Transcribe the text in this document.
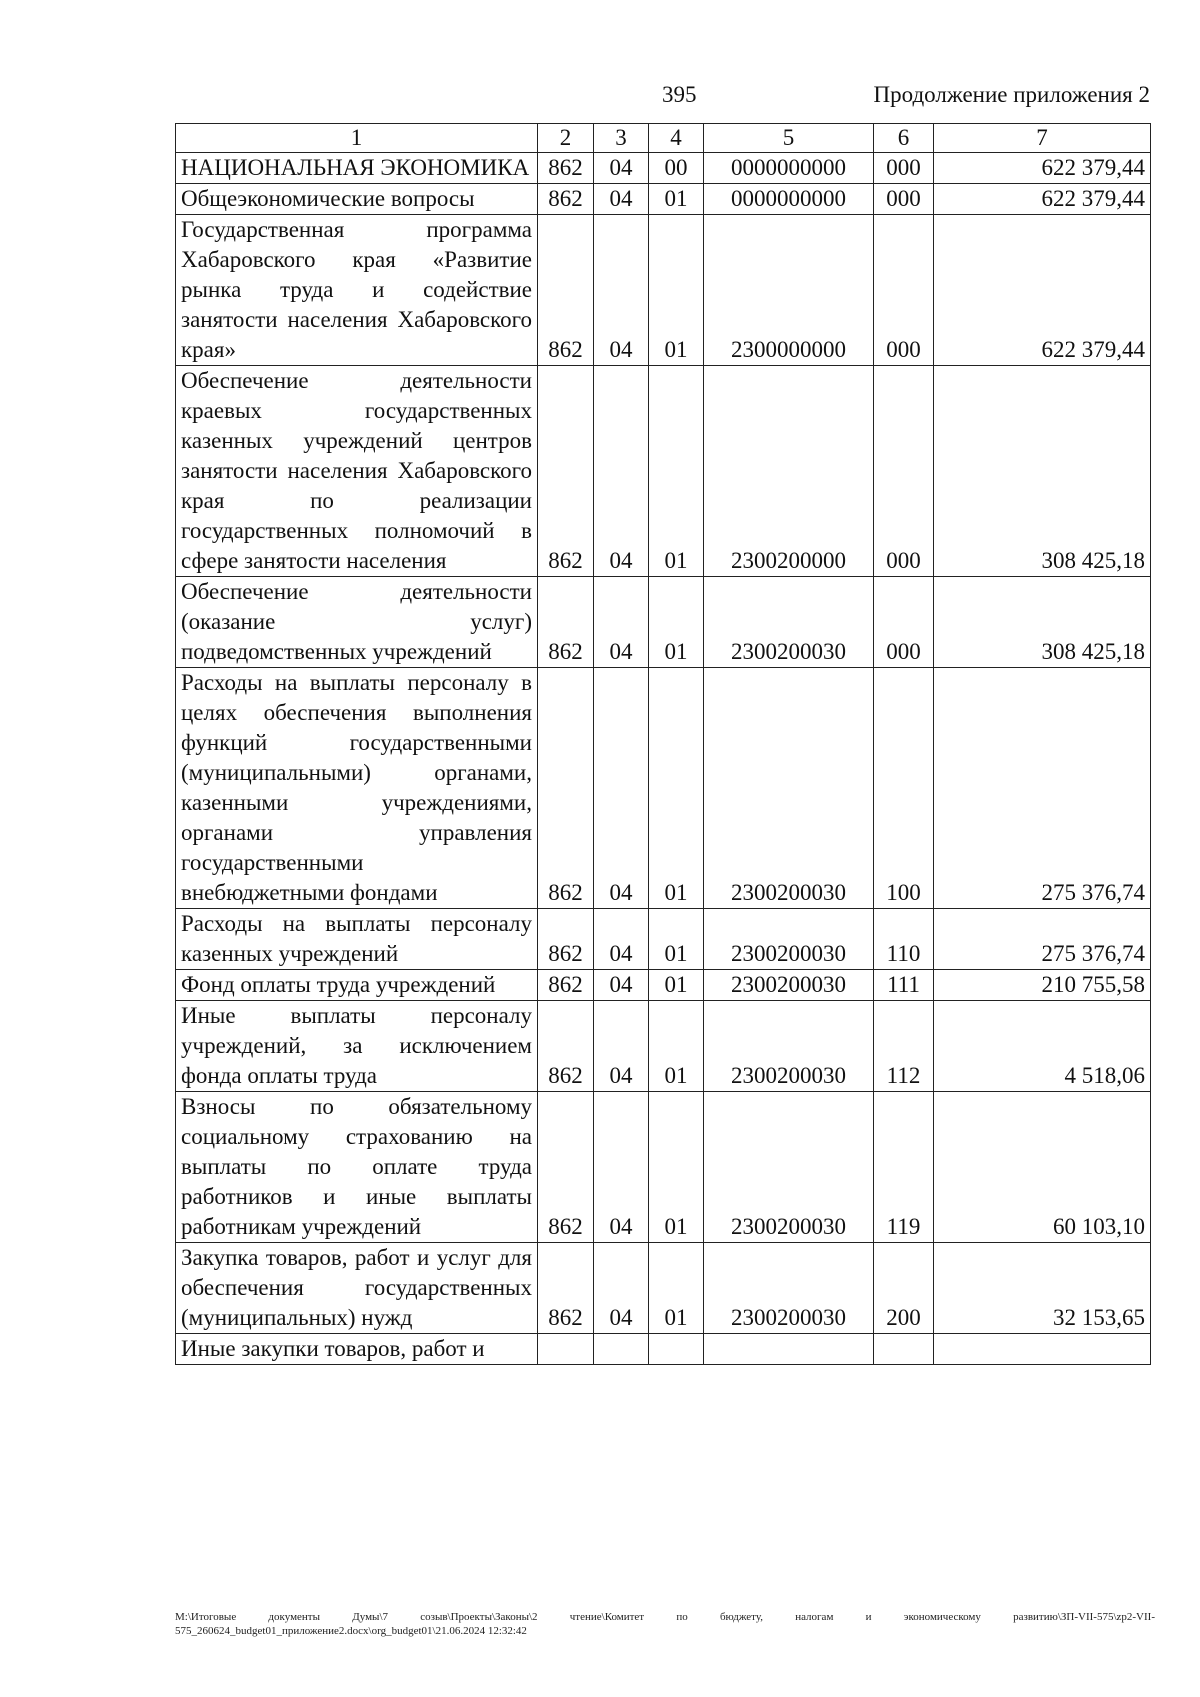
395	Продолжение приложения 2
1	2	3	4	5	6	7
НАЦИОНАЛЬНАЯ ЭКОНОМИКА	862	04	00	0000000000	000	622 379,44
Общеэкономические вопросы	862	04	01	0000000000	000	622 379,44
Государственная программа Хабаровского края «Развитие рынка труда и содействие занятости населения Хабаровского края»	862	04	01	2300000000	000	622 379,44
Обеспечение деятельности краевых государственных казенных учреждений центров занятости населения Хабаровского края по реализации государственных полномочий в сфере занятости населения	862	04	01	2300200000	000	308 425,18
Обеспечение деятельности (оказание услуг) подведомственных учреждений	862	04	01	2300200030	000	308 425,18
Расходы на выплаты персоналу в целях обеспечения выполнения функций государственными (муниципальными) органами, казенными учреждениями, органами управления государственными внебюджетными фондами	862	04	01	2300200030	100	275 376,74
Расходы на выплаты персоналу казенных учреждений	862	04	01	2300200030	110	275 376,74
Фонд оплаты труда учреждений	862	04	01	2300200030	111	210 755,58
Иные выплаты персоналу учреждений, за исключением фонда оплаты труда	862	04	01	2300200030	112	4 518,06
Взносы по обязательному социальному страхованию на выплаты по оплате труда работников и иные выплаты работникам учреждений	862	04	01	2300200030	119	60 103,10
Закупка товаров, работ и услуг для обеспечения государственных (муниципальных) нужд	862	04	01	2300200030	200	32 153,65
Иные закупки товаров, работ и						
М:\Итоговые документы Думы\7 созыв\Проекты\Законы\2 чтение\Комитет по бюджету, налогам и экономическому развитию\ЗП-VII-575\zp2-VII-575_260624_budget01_приложение2.docx\org_budget01\21.06.2024 12:32:42
